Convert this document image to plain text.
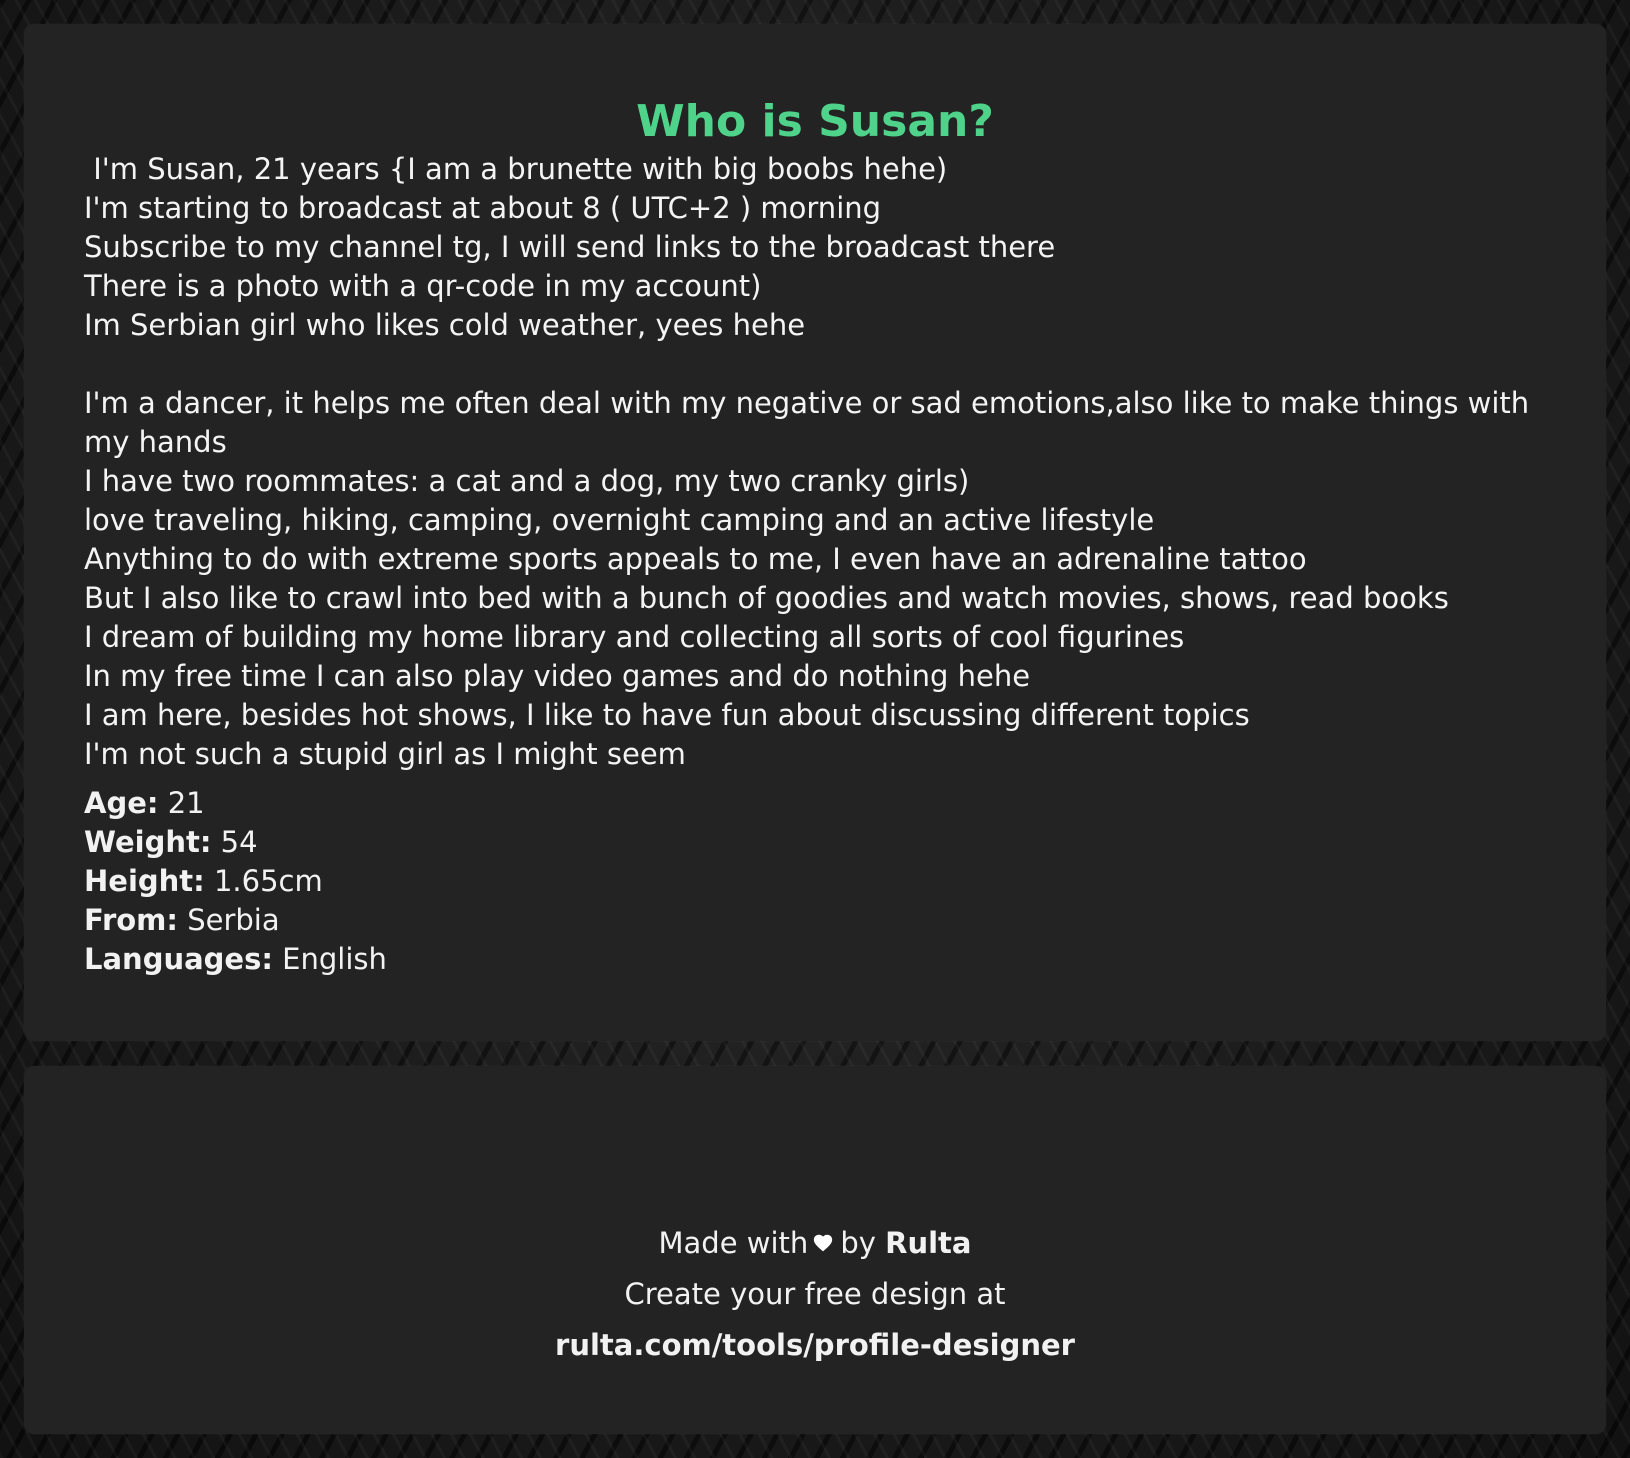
Who is Susan?

I'm Susan, 21 years {I am a brunette with big boobs hehe)
I'm starting to broadcast at about 8 ( UTC+2 ) morning
Subscribe to my channel tg, I will send links to the broadcast there
There is a photo with a qr-code in my account)
Im Serbian girl who likes cold weather, yees hehe

I'm a dancer, it helps me often deal with my negative or sad emotions,also like to make things with my hands
I have two roommates: a cat and a dog, my two cranky girls)
love traveling, hiking, camping, overnight camping and an active lifestyle
Anything to do with extreme sports appeals to me, I even have an adrenaline tattoo
But I also like to crawl into bed with a bunch of goodies and watch movies, shows, read books
I dream of building my home library and collecting all sorts of cool figurines
In my free time I can also play video games and do nothing hehe
I am here, besides hot shows, I like to have fun about discussing different topics
I'm not such a stupid girl as I might seem

Age: 21
Weight: 54
Height: 1.65cm
From: Serbia
Languages: English
Made with by Rulta
Create your free design at
rulta.com/tools/profile-designer
